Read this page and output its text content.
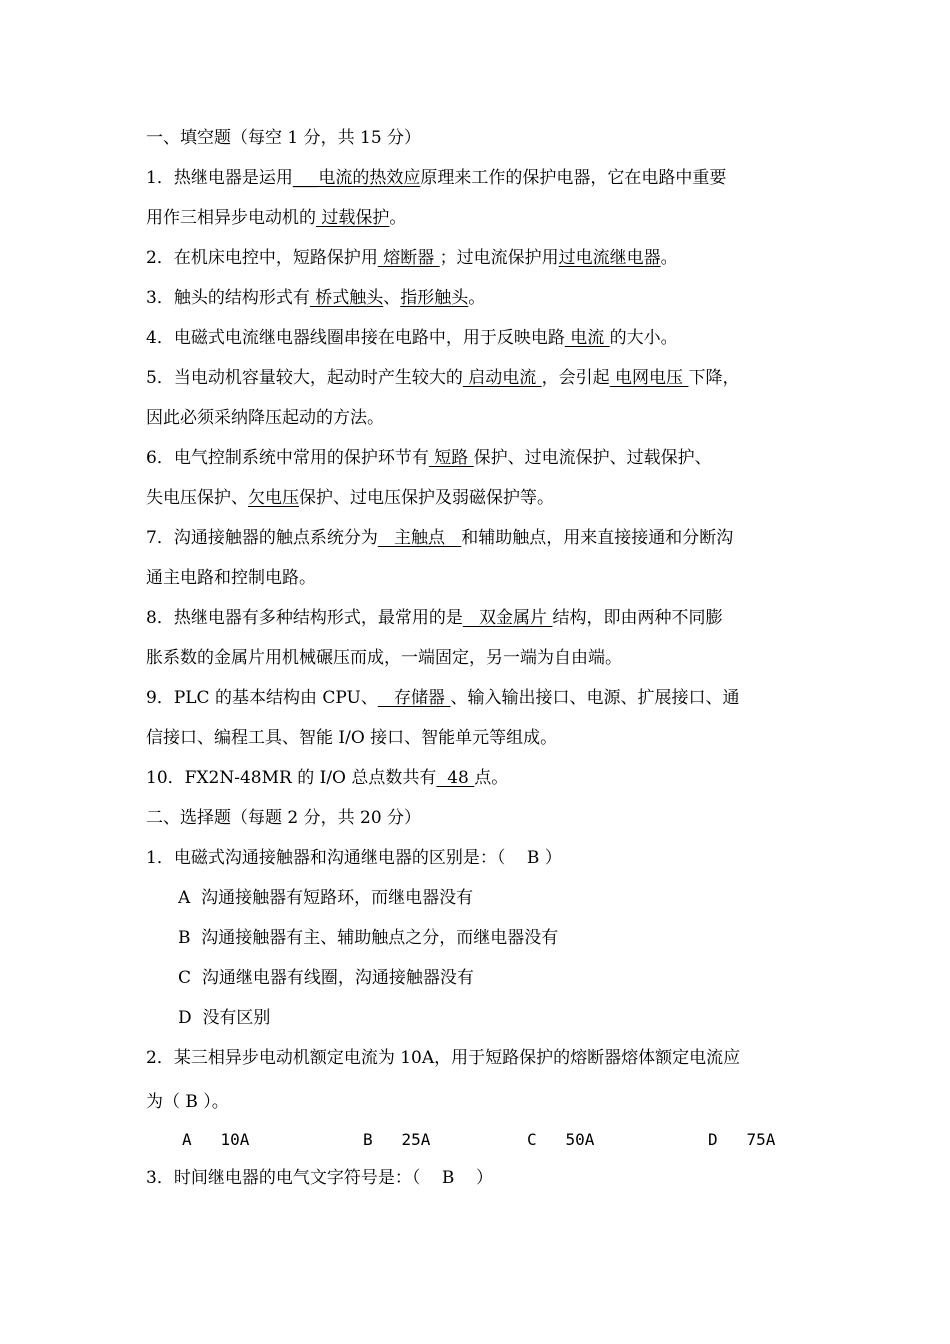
一、填空题（每空 1 分，共 15 分）
1．热继电器是运用___电流的热效应原理来工作的保护电器，它在电路中重要
用作三相异步电动机的 过载保护。
2．在机床电控中，短路保护用 熔断器 ；过电流保护用过电流继电器。
3．触头的结构形式有 桥式触头、指形触头。
4．电磁式电流继电器线圈串接在电路中，用于反映电路 电流 的大小。
5．当电动机容量较大，起动时产生较大的 启动电流 ，会引起 电网电压 下降，
因此必须采纳降压起动的方法。
6．电气控制系统中常用的保护环节有 短路 保护、过电流保护、过载保护、
失电压保护、欠电压保护、过电压保护及弱磁保护等。
7．沟通接触器的触点系统分为   主触点   和辅助触点，用来直接接通和分断沟
通主电路和控制电路。
8．热继电器有多种结构形式，最常用的是   双金属片 结构，即由两种不同膨
胀系数的金属片用机械碾压而成，一端固定，另一端为自由端。
9．PLC 的基本结构由 CPU、   存储器 、输入输出接口、电源、扩展接口、通
信接口、编程工具、智能 I/O 接口、智能单元等组成。
10．FX2N-48MR 的 I/O 总点数共有  48 点。
二、选择题（每题 2 分，共 20 分）
1．电磁式沟通接触器和沟通继电器的区别是：（    B ）
A  沟通接触器有短路环，而继电器没有
B  沟通接触器有主、辅助触点之分，而继电器没有
C  沟通继电器有线圈，沟通接触器没有
D  没有区别
2．某三相异步电动机额定电流为 10A，用于短路保护的熔断器熔体额定电流应
为（ B ）。
A   10A	B   25A	C   50A	D   75A
3．时间继电器的电气文字符号是：（    B    ）
